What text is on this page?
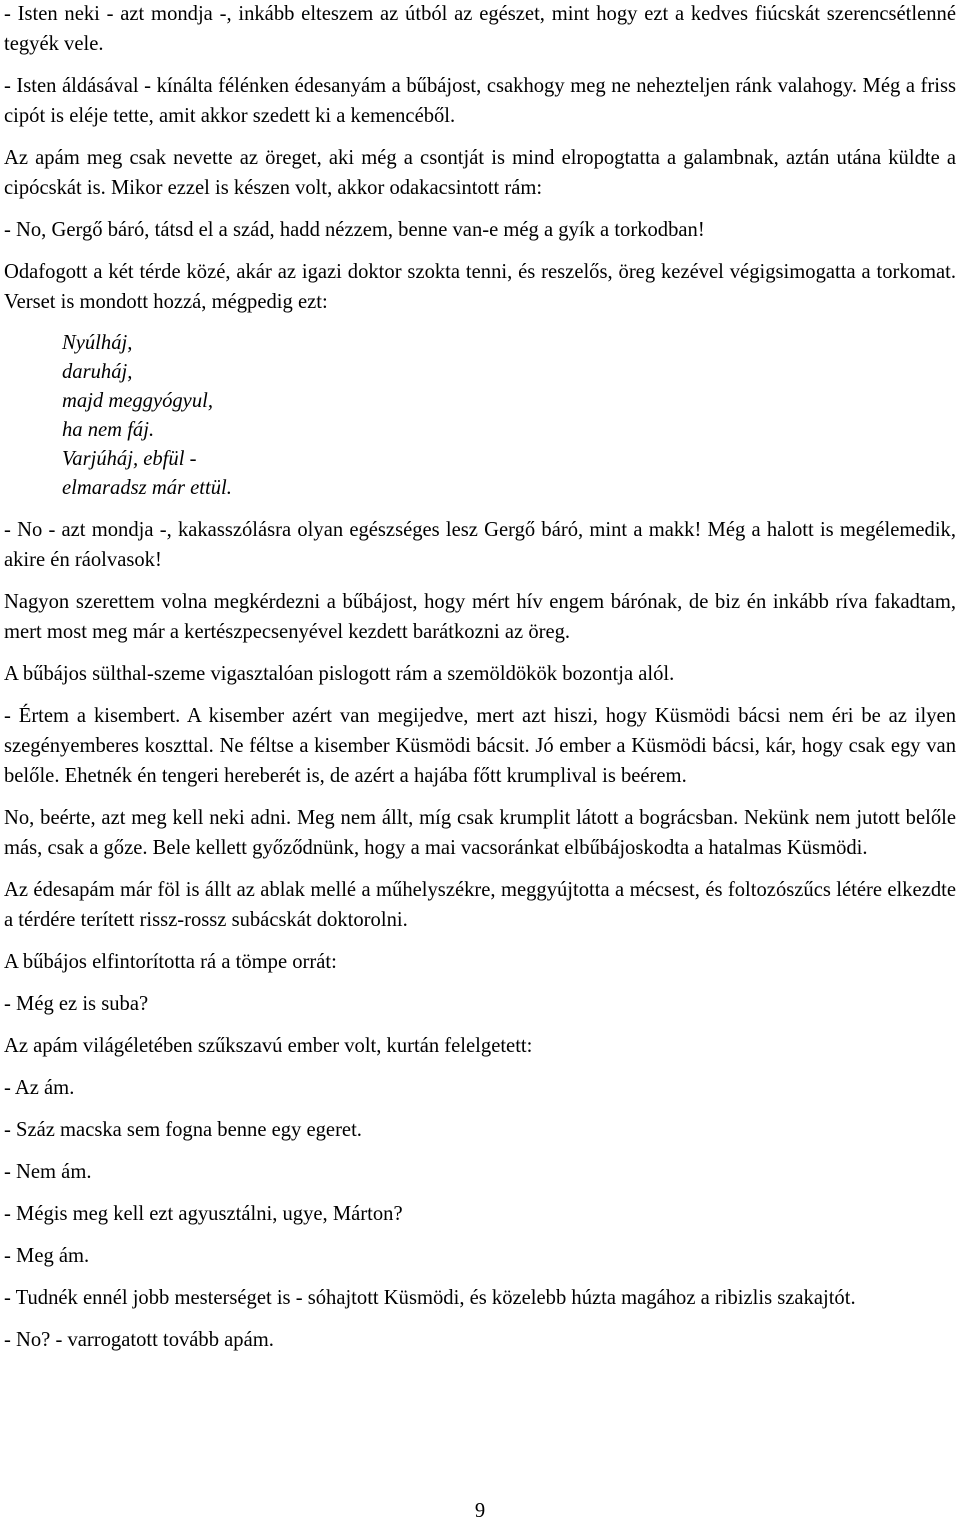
- Isten neki - azt mondja -, inkább elteszem az útból az egészet, mint hogy ezt a kedves fiúcskát szerencsétlenné tegyék vele.

- Isten áldásával - kínálta félénken édesanyám a bűbájost, csakhogy meg ne nehezteljen ránk valahogy. Még a friss cipót is eléje tette, amit akkor szedett ki a kemencéből.

Az apám meg csak nevette az öreget, aki még a csontját is mind elropogtatta a galambnak, aztán utána küldte a cipócskát is. Mikor ezzel is készen volt, akkor odakacsintott rám:

- No, Gergő báró, tátsd el a szád, hadd nézzem, benne van-e még a gyík a torkodban!

Odafogott a két térde közé, akár az igazi doktor szokta tenni, és reszelős, öreg kezével végigsimogatta a torkomat. Verset is mondott hozzá, mégpedig ezt:

Nyúlháj,
daruháj,
majd meggyógyul,
ha nem fáj.
Varjúháj, ebfül -
elmaradsz már ettül.

- No - azt mondja -, kakasszólásra olyan egészséges lesz Gergő báró, mint a makk! Még a halott is megélemedik, akire én ráolvasok!

Nagyon szerettem volna megkérdezni a bűbájost, hogy mért hív engem bárónak, de biz én inkább ríva fakadtam, mert most meg már a kertészpecsenyével kezdett barátkozni az öreg.

A bűbájos sülthal-szeme vigasztalóan pislogott rám a szemöldökök bozontja alól.

- Értem a kisembert. A kisember azért van megijedve, mert azt hiszi, hogy Küsmödi bácsi nem éri be az ilyen szegényemberes koszttal. Ne féltse a kisember Küsmödi bácsit. Jó ember a Küsmödi bácsi, kár, hogy csak egy van belőle. Ehetnék én tengeri hereberét is, de azért a hajába főtt krumplival is beérem.

No, beérte, azt meg kell neki adni. Meg nem állt, míg csak krumplit látott a bográcsban. Nekünk nem jutott belőle más, csak a gőze. Bele kellett győződnünk, hogy a mai vacsoránkat elbűbájoskodta a hatalmas Küsmödi.

Az édesapám már föl is állt az ablak mellé a műhelyszékre, meggyújtotta a mécsest, és foltozószűcs létére elkezdte a térdére terített rissz-rossz subácskát doktorolni.

A bűbájos elfintorította rá a tömpe orrát:

- Még ez is suba?

Az apám világéletében szűkszavú ember volt, kurtán felelgetett:

- Az ám.

- Száz macska sem fogna benne egy egeret.

- Nem ám.

- Mégis meg kell ezt agyusztálni, ugye, Márton?

- Meg ám.

- Tudnék ennél jobb mesterséget is - sóhajtott Küsmödi, és közelebb húzta magához a ribizlis szakajtót.

- No? - varrogatott tovább apám.

9
